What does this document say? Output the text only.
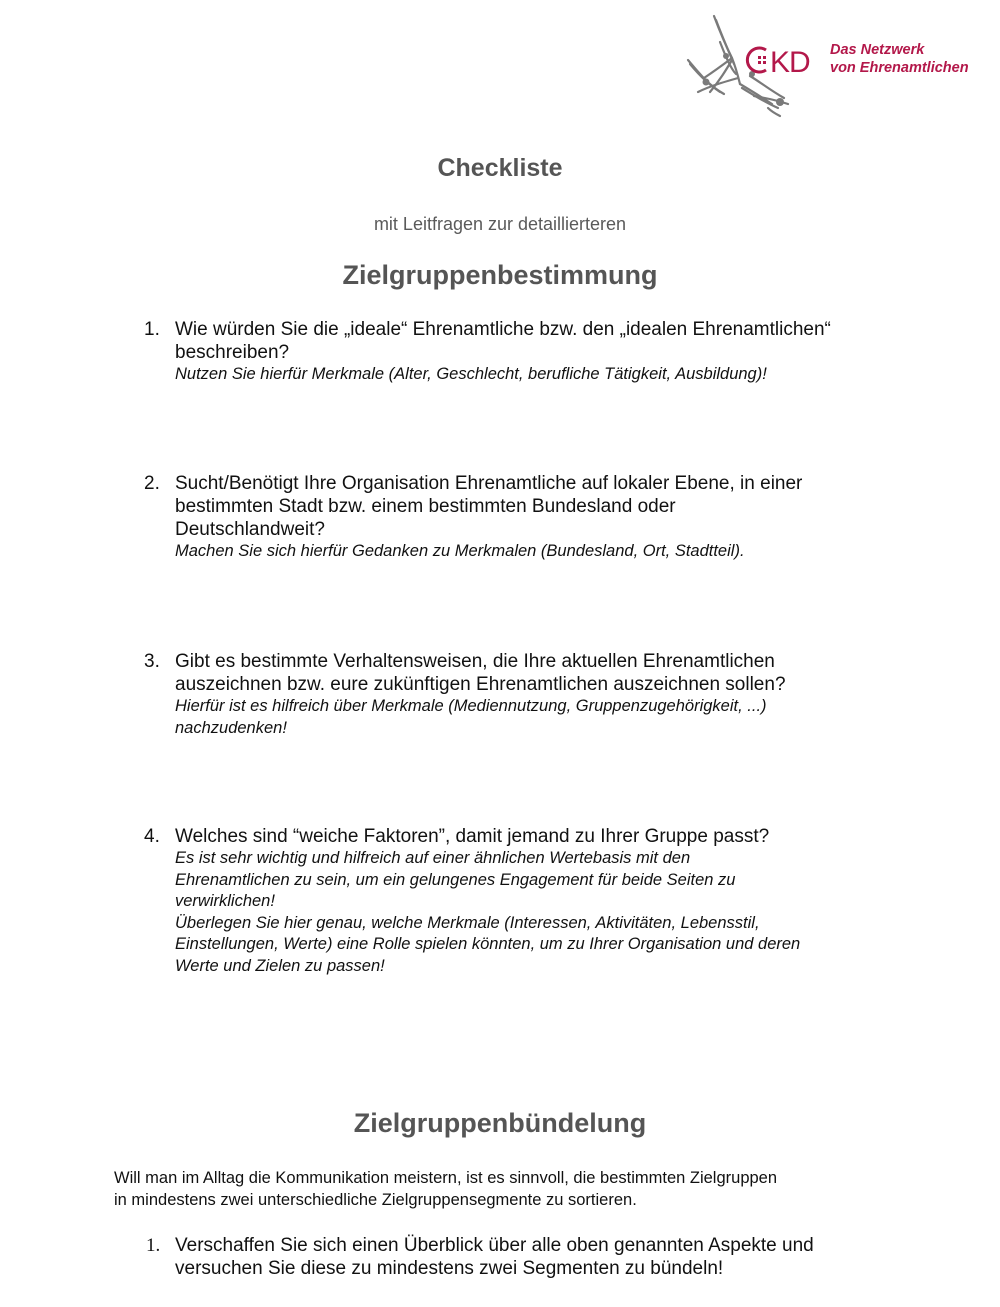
KD Das Netzwerk
von Ehrenamtlichen
Checkliste
mit Leitfragen zur detaillierteren
Zielgruppenbestimmung
1. Wie würden Sie die „ideale“ Ehrenamtliche bzw. den „idealen Ehrenamtlichen“
beschreiben?

Nutzen Sie hierfür Merkmale (Alter, Geschlecht, berufliche Tätigkeit, Ausbildung)!

2. Sucht/Benötigt Ihre Organisation Ehrenamtliche auf lokaler Ebene, in einer
bestimmten Stadt bzw. einem bestimmten Bundesland oder
Deutschlandweit?

Machen Sie sich hierfür Gedanken zu Merkmalen (Bundesland, Ort, Stadtteil).

3. Gibt es bestimmte Verhaltensweisen, die Ihre aktuellen Ehrenamtlichen
auszeichnen bzw. eure zukünftigen Ehrenamtlichen auszeichnen sollen?

Hierfür ist es hilfreich über Merkmale (Mediennutzung, Gruppenzugehörigkeit, ...)
nachzudenken!

4. Welches sind “weiche Faktoren”, damit jemand zu Ihrer Gruppe passt?

Es ist sehr wichtig und hilfreich auf einer ähnlichen Wertebasis mit den
Ehrenamtlichen zu sein, um ein gelungenes Engagement für beide Seiten zu
verwirklichen!
Überlegen Sie hier genau, welche Merkmale (Interessen, Aktivitäten, Lebensstil,
Einstellungen, Werte) eine Rolle spielen könnten, um zu Ihrer Organisation und deren
Werte und Zielen zu passen!

Zielgruppenbündelung

Will man im Alltag die Kommunikation meistern, ist es sinnvoll, die bestimmten Zielgruppen
in mindestens zwei unterschiedliche Zielgruppensegmente zu sortieren.

1. Verschaffen Sie sich einen Überblick über alle oben genannten Aspekte und
versuchen Sie diese zu mindestens zwei Segmenten zu bündeln!
